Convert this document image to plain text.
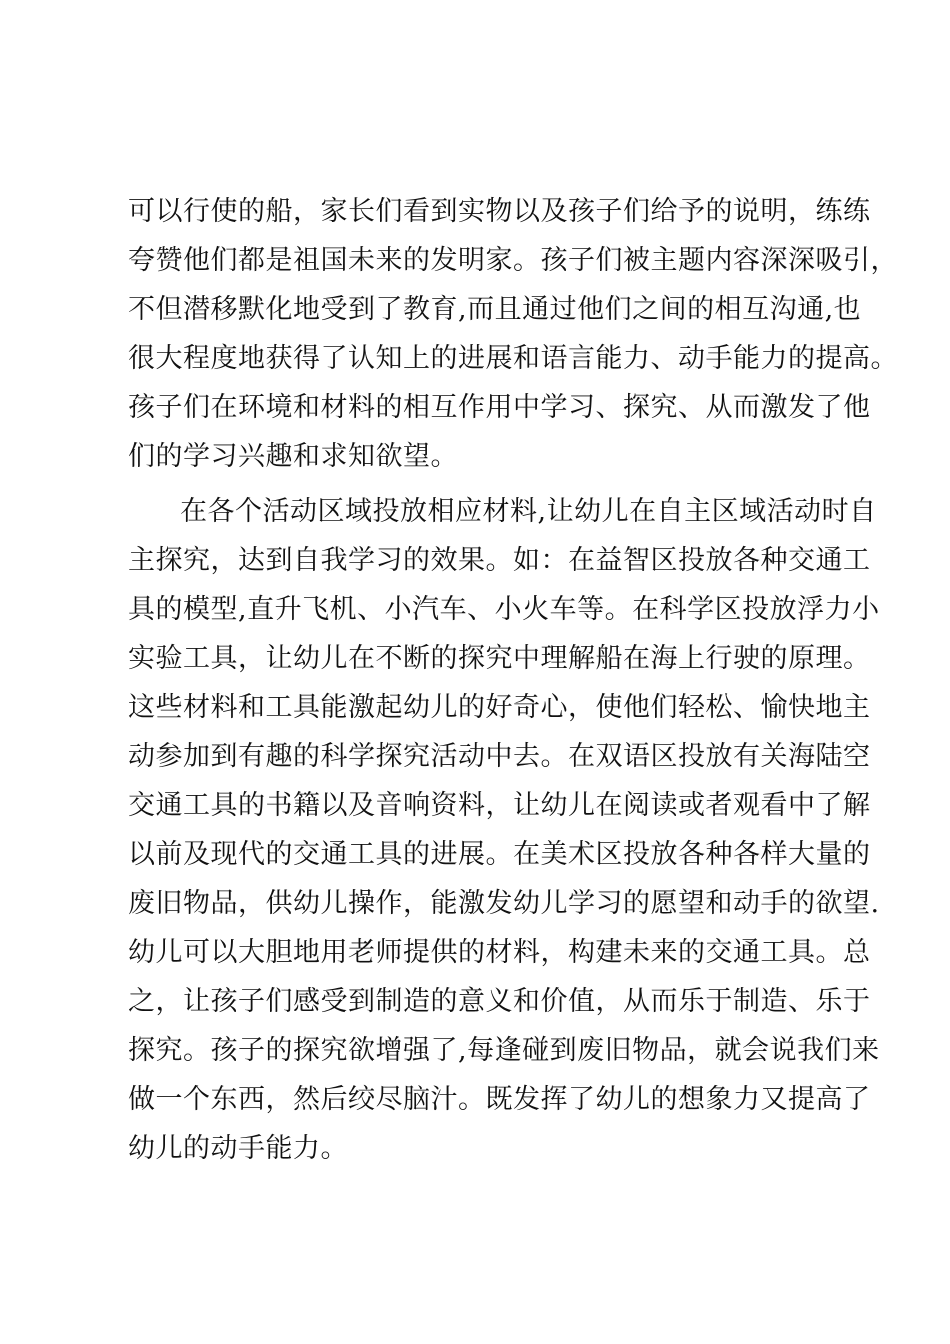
可以行使的船，家长们看到实物以及孩子们给予的说明，练练
夸赞他们都是祖国未来的发明家。孩子们被主题内容深深吸引，
不但潜移默化地受到了教育,而且通过他们之间的相互沟通,也
很大程度地获得了认知上的进展和语言能力、动手能力的提高。
孩子们在环境和材料的相互作用中学习、探究、从而激发了他
们的学习兴趣和求知欲望。
在各个活动区域投放相应材料,让幼儿在自主区域活动时自
主探究，达到自我学习的效果。如：在益智区投放各种交通工
具的模型,直升飞机、小汽车、小火车等。在科学区投放浮力小
实验工具，让幼儿在不断的探究中理解船在海上行驶的原理。
这些材料和工具能激起幼儿的好奇心，使他们轻松、愉快地主
动参加到有趣的科学探究活动中去。在双语区投放有关海陆空
交通工具的书籍以及音响资料，让幼儿在阅读或者观看中了解
以前及现代的交通工具的进展。在美术区投放各种各样大量的
废旧物品，供幼儿操作，能激发幼儿学习的愿望和动手的欲望.
幼儿可以大胆地用老师提供的材料，构建未来的交通工具。总
之，让孩子们感受到制造的意义和价值，从而乐于制造、乐于
探究。孩子的探究欲增强了,每逢碰到废旧物品，就会说我们来
做一个东西，然后绞尽脑汁。既发挥了幼儿的想象力又提高了
幼儿的动手能力。
